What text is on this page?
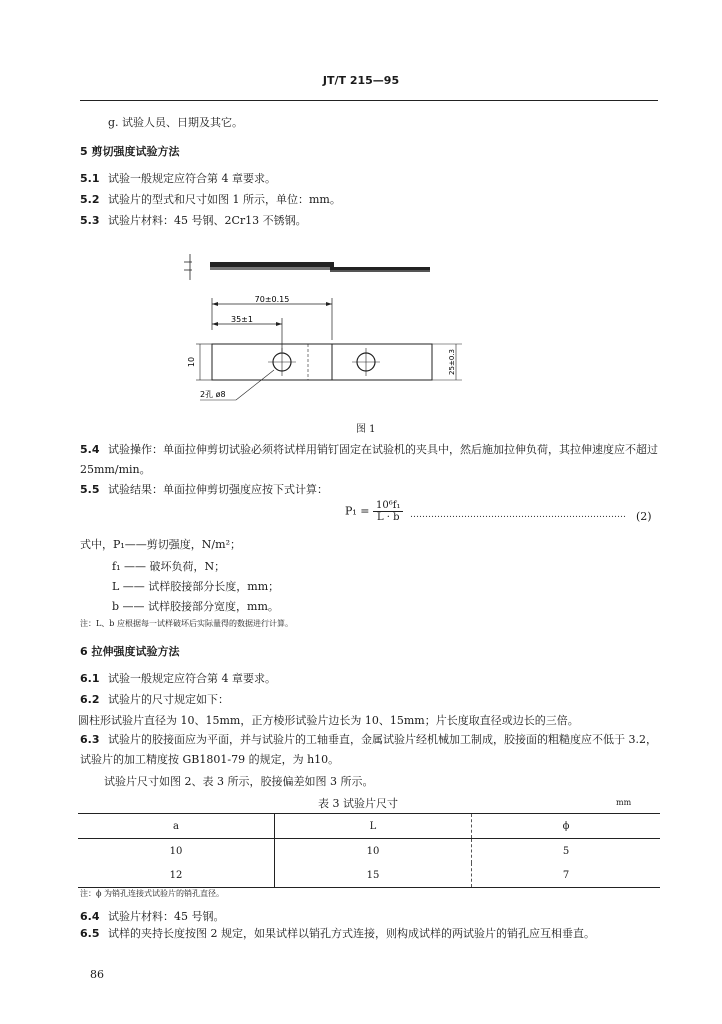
JT/T 215—95
g. 试验人员、日期及其它。
5 剪切强度试验方法
5.1 试验一般规定应符合第 4 章要求。
5.2 试验片的型式和尺寸如图 1 所示，单位：mm。
5.3 试验片材料：45 号钢、2Cr13 不锈钢。
70±0.15
35±1
10	25±0.3
2孔 ø8
图 1
5.4 试验操作：单面拉伸剪切试验必须将试样用销钉固定在试验机的夹具中，然后施加拉伸负荷，其拉伸速度应不超过 25mm/min。
5.5 试验结果：单面拉伸剪切强度应按下式计算：
$P_1 = \frac{\text{10⁶f₁}}{L \cdot b}$ ……………………………………………………………… (2)
式中，P₁——剪切强度，N/m²；
f₁ —— 破坏负荷，N；
L —— 试样胶接部分长度，mm；
b —— 试样胶接部分宽度，mm。
注：L、b 应根据每一试样破坏后实际量得的数据进行计算。
6 拉伸强度试验方法
6.1 试验一般规定应符合第 4 章要求。
6.2 试验片的尺寸规定如下：
圆柱形试验片直径为 10、15mm，正方棱形试验片边长为 10、15mm；片长度取直径或边长的三倍。
6.3 试验片的胶接面应为平面，并与试验片的工轴垂直，金属试验片经机械加工制成，胶接面的粗糙度应不低于 3.2，试验片的加工精度按 GB1801-79 的规定，为 h10。
试验片尺寸如图 2、表 3 所示，胶接偏差如图 3 所示。
表 3 试验片尺寸	mm
a	L	ϕ
10	10	5
12	15	7
注：ϕ 为销孔连接式试验片的销孔直径。
6.4 试验片材料：45 号钢。
6.5 试样的夹持长度按图 2 规定，如果试样以销孔方式连接，则构成试样的两试验片的销孔应互相垂直。
86
